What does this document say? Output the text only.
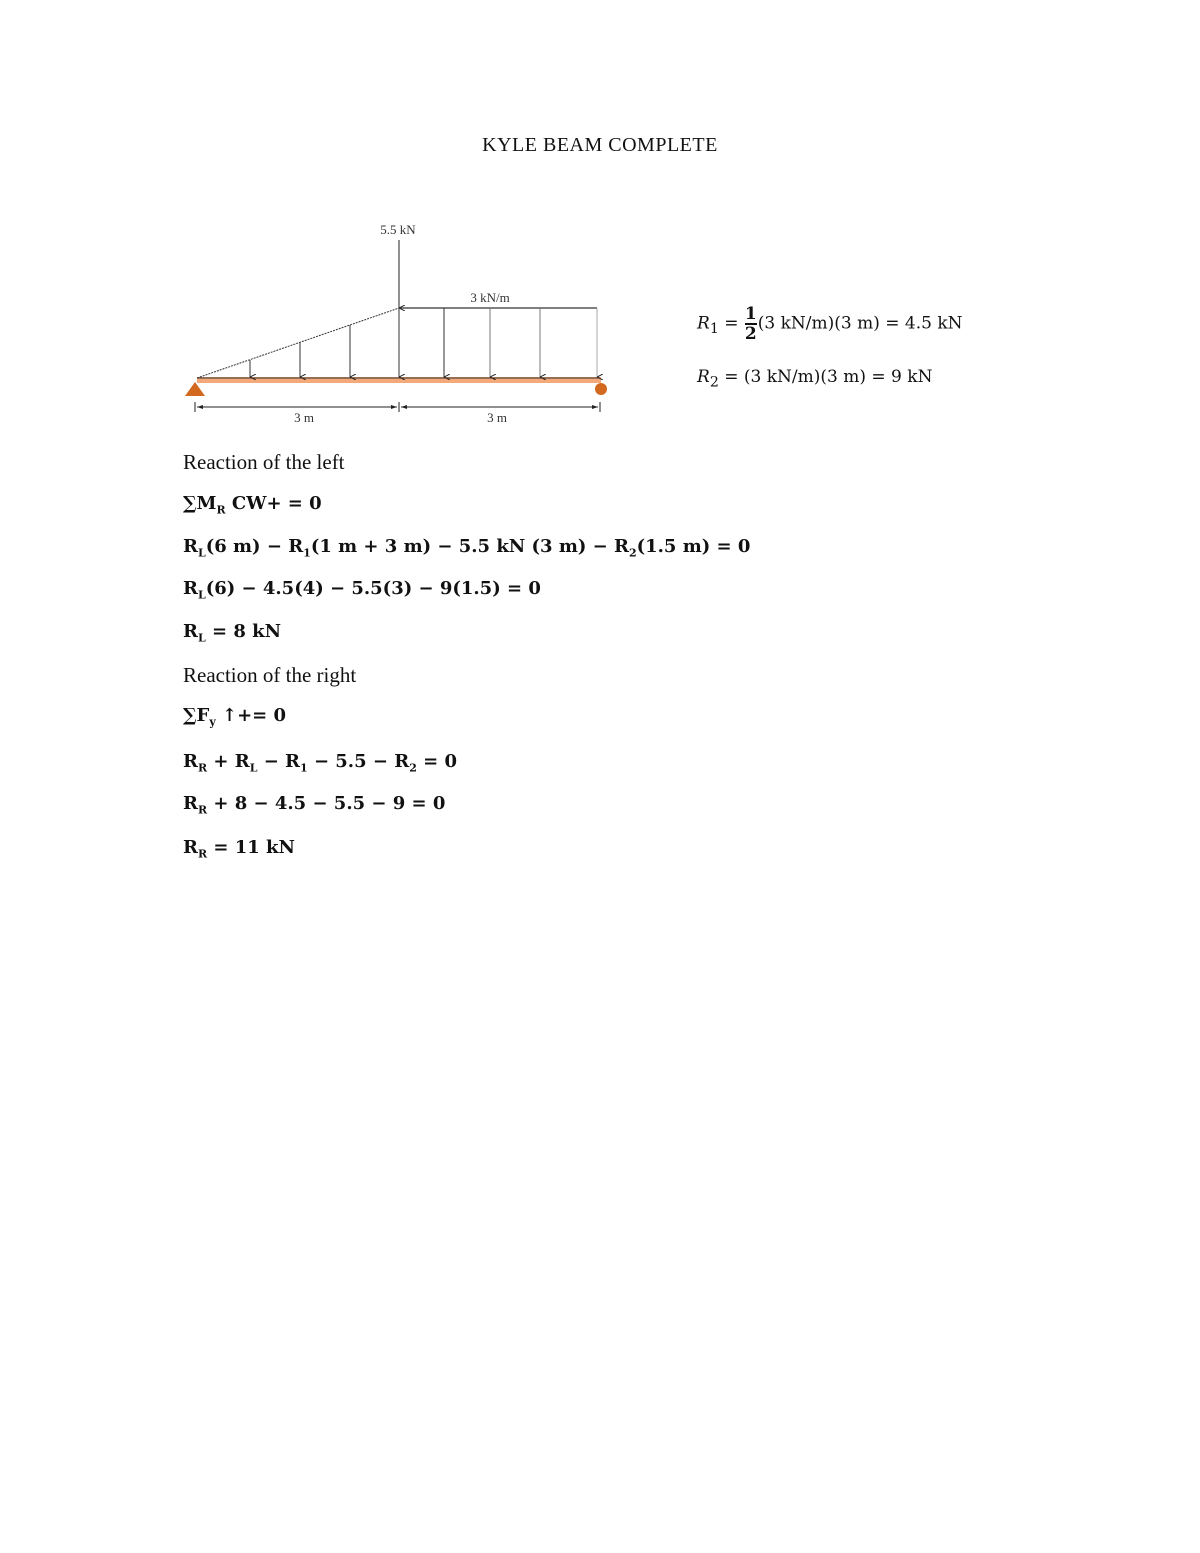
KYLE BEAM COMPLETE
5.5 kN
3 kN/m
3 m	3 m
$R_1 = \frac{1}{2} (3$ kN/m)(3 m) = 4.5 kN
$R_2 = (3$ kN/m)(3 m) = 9 kN
Reaction of the left
$\sum M_R$ CW+ = 0
$R_L(6$ $m) - R_1(1$ m + 3 m) − 5.5 kN (3 $m) - R_2(1.5$ m) = 0
$R_L(6) - 4.5(4) - 5.5(3) - 9(1.5) = 0$
$R_L = 8$ kN
Reaction of the right
$\sum F_y$ ↑+= 0
$R_R + R_L - R_1 - 5.5 - R_2 = 0$
$R_R + 8 - 4.5 - 5.5 - 9 = 0$
$R_R = 11$ kN
